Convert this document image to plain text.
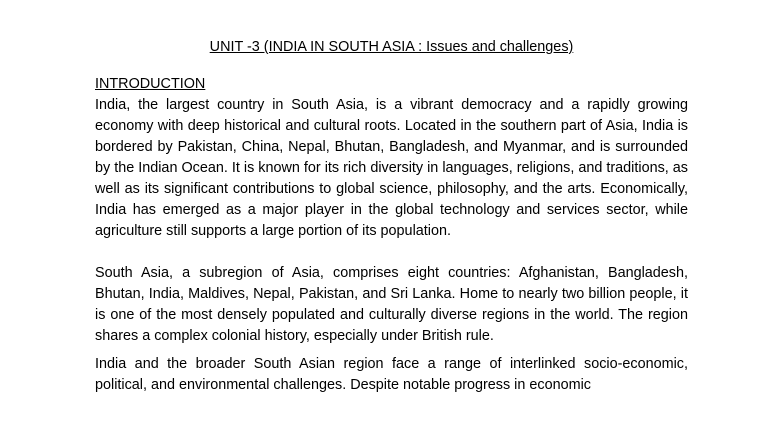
UNIT -3 (INDIA IN SOUTH ASIA : Issues and challenges)
INTRODUCTION

India, the largest country in South Asia, is a vibrant democracy and a rapidly growing economy with deep historical and cultural roots. Located in the southern part of Asia, India is bordered by Pakistan, China, Nepal, Bhutan, Bangladesh, and Myanmar, and is surrounded by the Indian Ocean. It is known for its rich diversity in languages, religions, and traditions, as well as its significant contributions to global science, philosophy, and the arts. Economically, India has emerged as a major player in the global technology and services sector, while agriculture still supports a large portion of its population.

South Asia, a subregion of Asia, comprises eight countries: Afghanistan, Bangladesh, Bhutan, India, Maldives, Nepal, Pakistan, and Sri Lanka. Home to nearly two billion people, it is one of the most densely populated and culturally diverse regions in the world. The region shares a complex colonial history, especially under British rule.

India and the broader South Asian region face a range of interlinked socio-economic, political, and environmental challenges. Despite notable progress in economic
